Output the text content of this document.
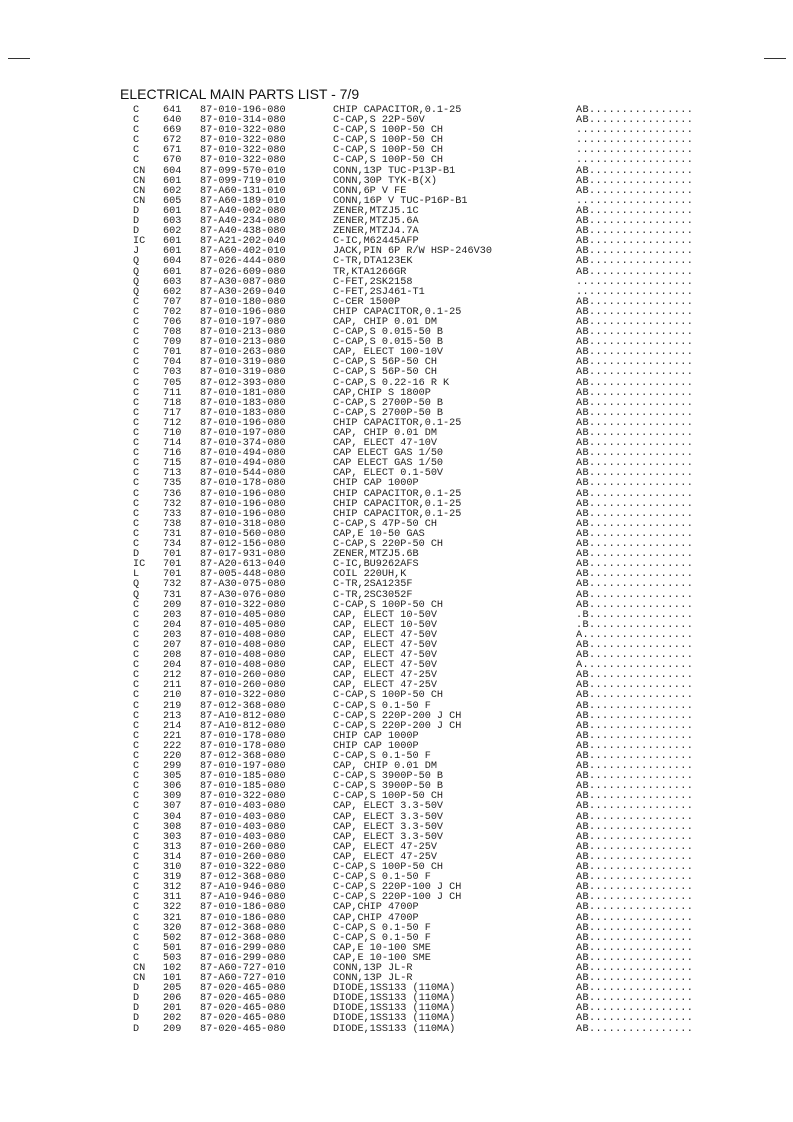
ELECTRICAL MAIN PARTS LIST - 7/9
C 641 87-010-196-080	CHIP CAPACITOR,0.1-25	AB................
C 640 87-010-314-080	C-CAP,S 22P-50V	AB................
C 669 87-010-322-080	C-CAP,S 100P-50 CH	..................
C 672 87-010-322-080	C-CAP,S 100P-50 CH	..................
C 671 87-010-322-080	C-CAP,S 100P-50 CH	..................
C 670 87-010-322-080	C-CAP,S 100P-50 CH	..................
CN 604 87-099-570-010	CONN,13P TUC-P13P-B1	AB................
CN 601 87-099-719-010	CONN,30P TYK-B(X)	AB................
CN 602 87-A60-131-010	CONN,6P V FE	AB................
CN 605 87-A60-189-010	CONN,16P V TUC-P16P-B1	..................
D 601 87-A40-002-080	ZENER,MTZJ5.1C	AB................
D 603 87-A40-234-080	ZENER,MTZJ5.6A	AB................
D 602 87-A40-438-080	ZENER,MTZJ4.7A	AB................
IC 601 87-A21-202-040	C-IC,M62445AFP	AB................
J 601 87-A60-402-010	JACK,PIN 6P R/W HSP-246V30	AB................
Q 604 87-026-444-080	C-TR,DTA123EK	AB................
Q 601 87-026-609-080	TR,KTA1266GR	AB................
Q 603 87-A30-087-080	C-FET,2SK2158	..................
Q 602 87-A30-269-040	C-FET,2SJ461-T1	..................
C 707 87-010-180-080	C-CER 1500P	AB................
C 702 87-010-196-080	CHIP CAPACITOR,0.1-25	AB................
C 706 87-010-197-080	CAP, CHIP 0.01 DM	AB................
C 708 87-010-213-080	C-CAP,S 0.015-50 B	AB................
C 709 87-010-213-080	C-CAP,S 0.015-50 B	AB................
C 701 87-010-263-080	CAP, ELECT 100-10V	AB................
C 704 87-010-319-080	C-CAP,S 56P-50 CH	AB................
C 703 87-010-319-080	C-CAP,S 56P-50 CH	AB................
C 705 87-012-393-080	C-CAP,S 0.22-16 R K	AB................
C 711 87-010-181-080	CAP,CHIP S 1800P	AB................
C 718 87-010-183-080	C-CAP,S 2700P-50 B	AB................
C 717 87-010-183-080	C-CAP,S 2700P-50 B	AB................
C 712 87-010-196-080	CHIP CAPACITOR,0.1-25	AB................
C 710 87-010-197-080	CAP, CHIP 0.01 DM	AB................
C 714 87-010-374-080	CAP, ELECT 47-10V	AB................
C 716 87-010-494-080	CAP ELECT GAS 1/50	AB................
C 715 87-010-494-080	CAP ELECT GAS 1/50	AB................
C 713 87-010-544-080	CAP, ELECT 0.1-50V	AB................
C 735 87-010-178-080	CHIP CAP 1000P	AB................
C 736 87-010-196-080	CHIP CAPACITOR,0.1-25	AB................
C 732 87-010-196-080	CHIP CAPACITOR,0.1-25	AB................
C 733 87-010-196-080	CHIP CAPACITOR,0.1-25	AB................
C 738 87-010-318-080	C-CAP,S 47P-50 CH	AB................
C 731 87-010-560-080	CAP,E 10-50 GAS	AB................
C 734 87-012-156-080	C-CAP,S 220P-50 CH	AB................
D 701 87-017-931-080	ZENER,MTZJ5.6B	AB................
IC 701 87-A20-613-040	C-IC,BU9262AFS	AB................
L 701 87-005-448-080	COIL 220UH,K	AB................
Q 732 87-A30-075-080	C-TR,2SA1235F	AB................
Q 731 87-A30-076-080	C-TR,2SC3052F	AB................
C 209 87-010-322-080	C-CAP,S 100P-50 CH	AB................
C 203 87-010-405-080	CAP, ELECT 10-50V	.B................
C 204 87-010-405-080	CAP, ELECT 10-50V	.B................
C 203 87-010-408-080	CAP, ELECT 47-50V	A.................
C 207 87-010-408-080	CAP, ELECT 47-50V	AB................
C 208 87-010-408-080	CAP, ELECT 47-50V	AB................
C 204 87-010-408-080	CAP, ELECT 47-50V	A.................
C 212 87-010-260-080	CAP, ELECT 47-25V	AB................
C 211 87-010-260-080	CAP, ELECT 47-25V	AB................
C 210 87-010-322-080	C-CAP,S 100P-50 CH	AB................
C 219 87-012-368-080	C-CAP,S 0.1-50 F	AB................
C 213 87-A10-812-080	C-CAP,S 220P-200 J CH	AB................
C 214 87-A10-812-080	C-CAP,S 220P-200 J CH	AB................
C 221 87-010-178-080	CHIP CAP 1000P	AB................
C 222 87-010-178-080	CHIP CAP 1000P	AB................
C 220 87-012-368-080	C-CAP,S 0.1-50 F	AB................
C 299 87-010-197-080	CAP, CHIP 0.01 DM	AB................
C 305 87-010-185-080	C-CAP,S 3900P-50 B	AB................
C 306 87-010-185-080	C-CAP,S 3900P-50 B	AB................
C 309 87-010-322-080	C-CAP,S 100P-50 CH	AB................
C 307 87-010-403-080	CAP, ELECT 3.3-50V	AB................
C 304 87-010-403-080	CAP, ELECT 3.3-50V	AB................
C 308 87-010-403-080	CAP, ELECT 3.3-50V	AB................
C 303 87-010-403-080	CAP, ELECT 3.3-50V	AB................
C 313 87-010-260-080	CAP, ELECT 47-25V	AB................
C 314 87-010-260-080	CAP, ELECT 47-25V	AB................
C 310 87-010-322-080	C-CAP,S 100P-50 CH	AB................
C 319 87-012-368-080	C-CAP,S 0.1-50 F	AB................
C 312 87-A10-946-080	C-CAP,S 220P-100 J CH	AB................
C 311 87-A10-946-080	C-CAP,S 220P-100 J CH	AB................
C 322 87-010-186-080	CAP,CHIP 4700P	AB................
C 321 87-010-186-080	CAP,CHIP 4700P	AB................
C 320 87-012-368-080	C-CAP,S 0.1-50 F	AB................
C 502 87-012-368-080	C-CAP,S 0.1-50 F	AB................
C 501 87-016-299-080	CAP,E 10-100 SME	AB................
C 503 87-016-299-080	CAP,E 10-100 SME	AB................
CN 102 87-A60-727-010	CONN,13P JL-R	AB................
CN 101 87-A60-727-010	CONN,13P JL-R	AB................
D 205 87-020-465-080	DIODE,1SS133 (110MA)	AB................
D 206 87-020-465-080	DIODE,1SS133 (110MA)	AB................
D 201 87-020-465-080	DIODE,1SS133 (110MA)	AB................
D 202 87-020-465-080	DIODE,1SS133 (110MA)	AB................
D 209 87-020-465-080	DIODE,1SS133 (110MA)	AB................
